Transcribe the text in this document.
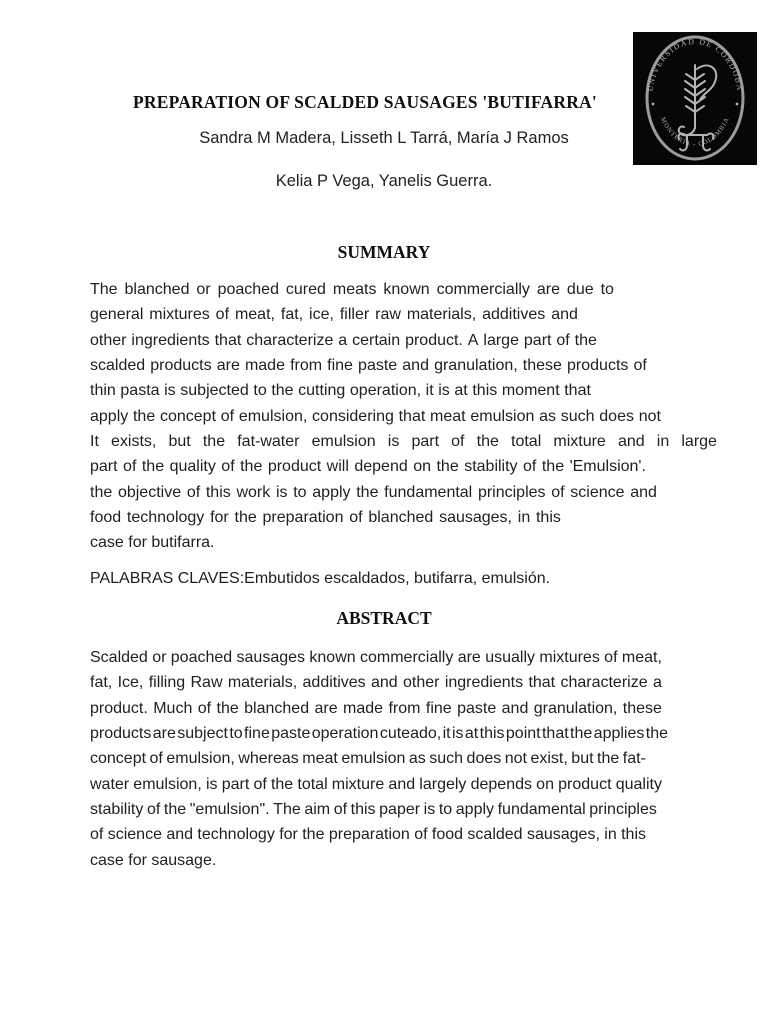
PREPARATION OF SCALDED SAUSAGES 'BUTIFARRA'
Sandra M Madera, Lisseth L Tarrá, María J Ramos
Kelia P Vega, Yanelis Guerra.
SUMMARY
The blanched or poached cured meats known commercially are due to
general mixtures of meat, fat, ice, filler raw materials, additives and
other ingredients that characterize a certain product. A large part of the
scalded products are made from fine paste and granulation, these products of
thin pasta is subjected to the cutting operation, it is at this moment that
apply the concept of emulsion, considering that meat emulsion as such does not
It exists, but the fat-water emulsion is part of the total mixture and in large
part of the quality of the product will depend on the stability of the 'Emulsion'.
the objective of this work is to apply the fundamental principles of science and
food technology for the preparation of blanched sausages, in this
case for butifarra.
PALABRAS CLAVES:Embutidos escaldados, butifarra, emulsión.
ABSTRACT
Scalded or poached sausages known commercially are usually mixtures of meat,
fat, Ice, filling Raw materials, additives and other ingredients that characterize a
product. Much of the blanched are made from fine paste and granulation, these
products are subject to fine paste operation cuteado, it is at this point that the applies the
concept of emulsion, whereas meat emulsion as such does not exist, but the fat-
water emulsion, is part of the total mixture and largely depends on product quality
stability of the "emulsion". The aim of this paper is to apply fundamental principles
of science and technology for the preparation of food scalded sausages, in this
case for sausage.
UNIVERSIDAD DE CORDOBA
MONTERÍA - COLOMBIA
